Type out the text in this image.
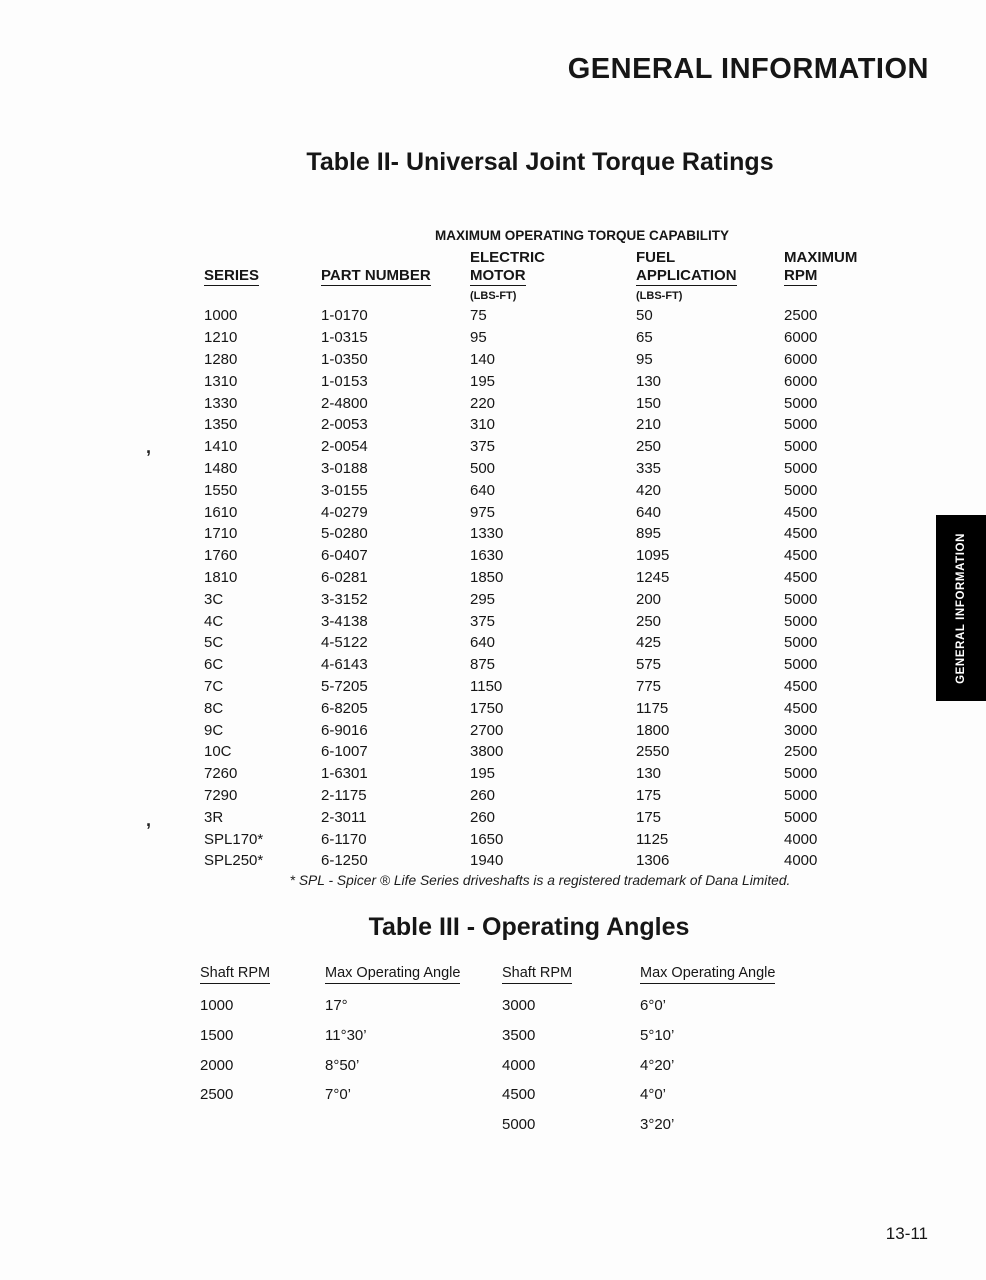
GENERAL INFORMATION
Table II- Universal Joint Torque Ratings
		MAXIMUM OPERATING TORQUE CAPABILITY
		ELECTRIC	FUEL	MAXIMUM
SERIES	PART NUMBER	MOTOR	APPLICATION	RPM
		(LBS-FT)	(LBS-FT)	
1000	1-0170	75	50	2500
1210	1-0315	95	65	6000
1280	1-0350	140	95	6000
1310	1-0153	195	130	6000
1330	2-4800	220	150	5000
1350	2-0053	310	210	5000
1410	2-0054	375	250	5000
1480	3-0188	500	335	5000
1550	3-0155	640	420	5000
1610	4-0279	975	640	4500
1710	5-0280	1330	895	4500
1760	6-0407	1630	1095	4500
1810	6-0281	1850	1245	4500
3C	3-3152	295	200	5000
4C	3-4138	375	250	5000
5C	4-5122	640	425	5000
6C	4-6143	875	575	5000
7C	5-7205	1150	775	4500
8C	6-8205	1750	1175	4500
9C	6-9016	2700	1800	3000
10C	6-1007	3800	2550	2500
7260	1-6301	195	130	5000
7290	2-1175	260	175	5000
3R	2-3011	260	175	5000
SPL170*	6-1170	1650	1125	4000
SPL250*	6-1250	1940	1306	4000
* SPL - Spicer ® Life Series driveshafts is a registered trademark of Dana Limited.
Table III - Operating Angles
Shaft RPM	Max Operating Angle	Shaft RPM	Max Operating Angle
1000	17°	3000	6°0’
1500	11°30’	3500	5°10’
2000	8°50’	4000	4°20’
2500	7°0’	4500	4°0’
		5000	3°20’
GENERAL INFORMATION
,
,
13-11
